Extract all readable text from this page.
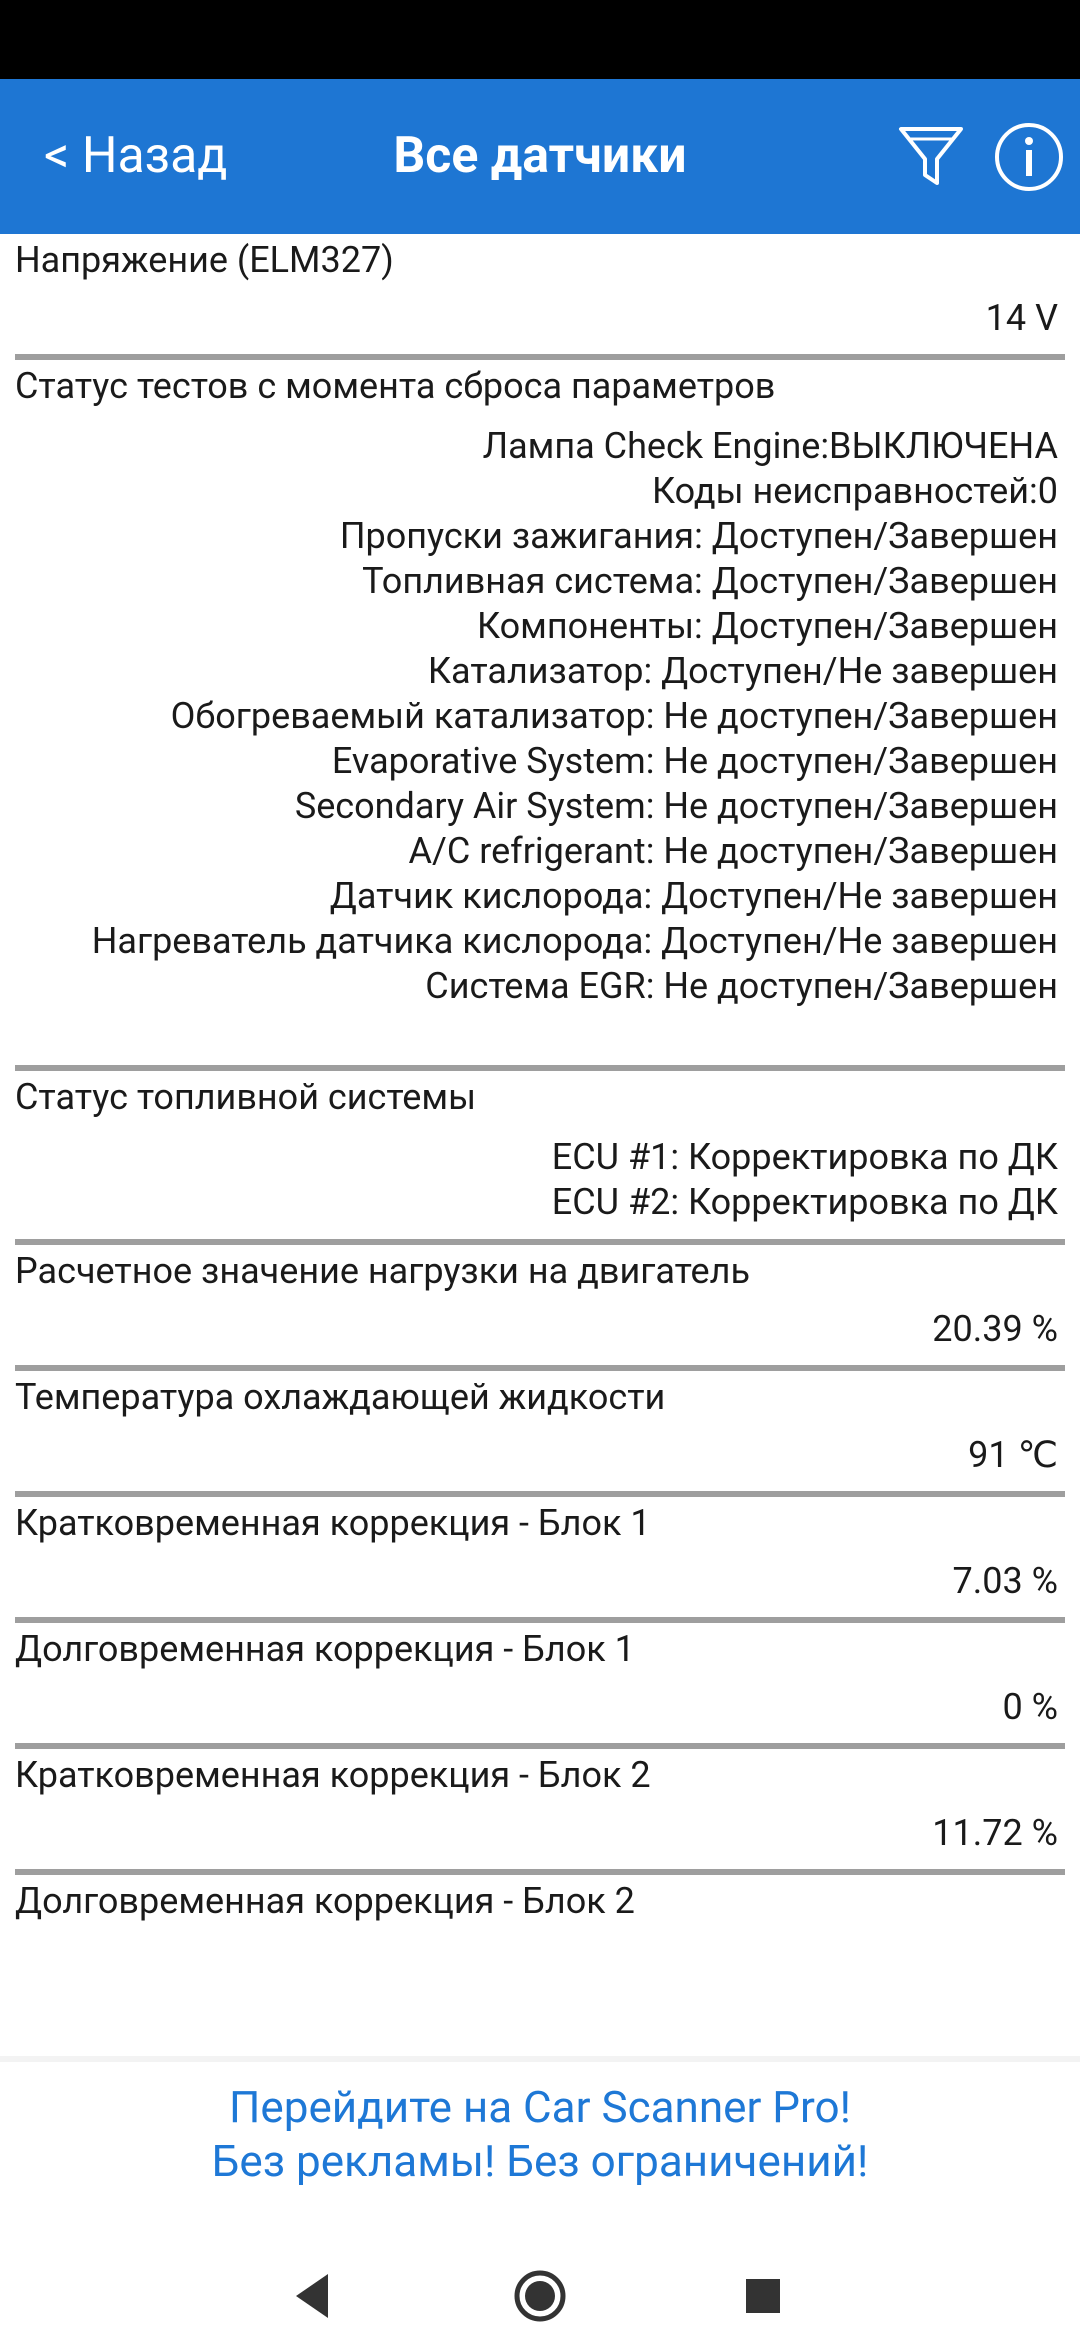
< Назад	Все датчики
Напряжение (ELM327)
14 V
Статус тестов с момента сброса параметров
Лампа Check Engine:ВЫКЛЮЧЕНА
Коды неисправностей:0
Пропуски зажигания: Доступен/Завершен
Топливная система: Доступен/Завершен
Компоненты: Доступен/Завершен
Катализатор: Доступен/Не завершен
Обогреваемый катализатор: Не доступен/Завершен
Evaporative System: Не доступен/Завершен
Secondary Air System: Не доступен/Завершен
A/C refrigerant: Не доступен/Завершен
Датчик кислорода: Доступен/Не завершен
Нагреватель датчика кислорода: Доступен/Не завершен
Система EGR: Не доступен/Завершен
Статус топливной системы
ECU #1: Корректировка по ДК
ECU #2: Корректировка по ДК
Расчетное значение нагрузки на двигатель
20.39 %
Температура охлаждающей жидкости
91 ℃
Кратковременная коррекция - Блок 1
7.03 %
Долговременная коррекция - Блок 1
0 %
Кратковременная коррекция - Блок 2
11.72 %
Долговременная коррекция - Блок 2
Перейдите на Car Scanner Pro!
Без рекламы! Без ограничений!
